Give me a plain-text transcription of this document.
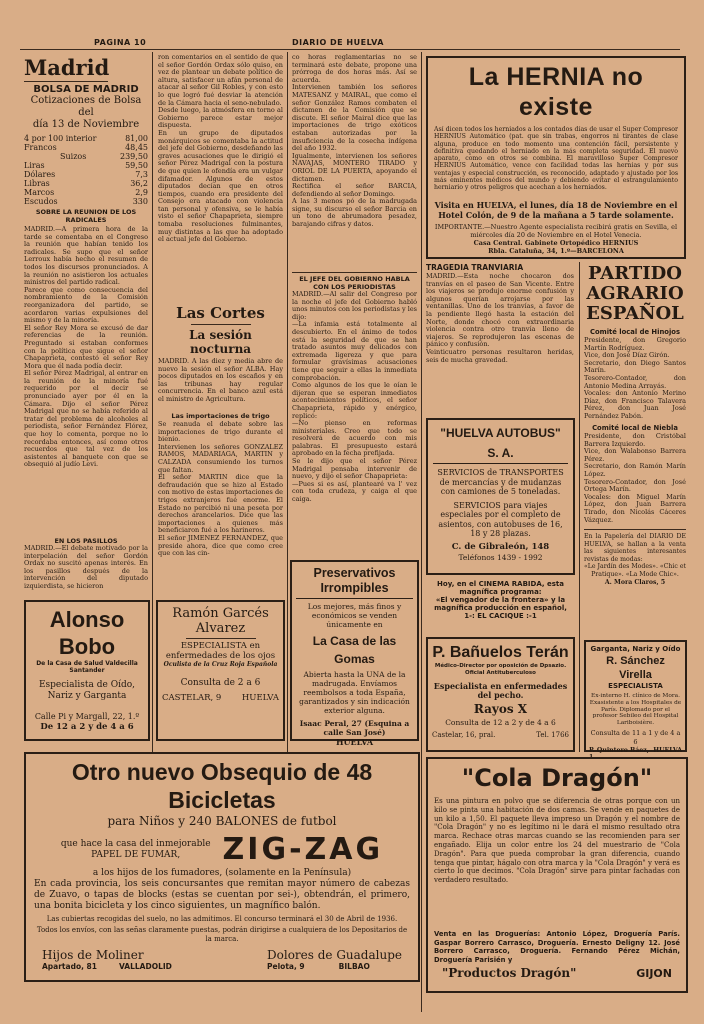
PAGINA 10	DIARIO DE HUELVA
Madrid
BOLSA DE MADRID
Cotizaciones de Bolsa del
día 13 de Noviembre
4 por 100 interior	81,00
Francos	48,45
Suizos	239,50
Liras	59,50
Dólares	7,3
Libras	36,2
Marcos	2,9
Escudos	330
SOBRE LA REUNION DE LOS RADICALES
MADRID.—A primera hora de la tarde se comentaba en el Congreso la reunión que habían tenido los radicales. Se supo que el señor Lerroux había hecho el resumen de todos los discursos pronunciados. A la reunión no asistieron los actuales ministros del partido radical.
Parece que como consecuencia del nombramiento de la Comisión reorganizadora del partido, se acordaron varias expulsiones del mismo y de la minoría.
El señor Rey Mora se excusó de dar referencias de la reunión. Preguntado si estaban conformes con la política que sigue el señor Chapaprieta, contestó el señor Rey Mora que él nada podía decir.
El señor Pérez Madrigal, al entrar en la reunión de la minoría fué requerido por el decir se pronunciado ayer por él en la Cámara. Dijo el señor Pérez Madrigal que no se había referido al tratar del problema de alcoholes al periodista, señor Fernández Flórez, que hoy lo comenta, porque no lo recordaba entonces, así como otros recuerdos que tal vez de los asistentes al banquete con que se obsequió al judío Levi.
EN LOS PASILLOS
MADRID.—El debate motivado por la interpelación del señor Gordón Ordax no suscitó apenas interés. En los pasillos después de la intervención del diputado izquierdista, se hicieron
ron comentarios en el sentido de que el señor Gordón Ordax sólo quiso, en vez de plantear un debate político de altura, satisfacer un afán personal de atacar al señor Gil Robles, y con esto lo que logró fué desviar la atención de la Cámara hacia el seno-nebulado.
Desde luego, la atmósfera en torno al Gobierno parece estar mejor dispuesta.
En un grupo de diputados monárquicos se comentaba la actitud del jefe del Gobierno, desdeñando las graves acusaciones que le dirigió el señor Pérez Madrigal con la postura de que quien le ofendía era un vulgar difamador. Algunos de estos diputados decían que en otros tiempos, cuando era presidente del Consejo era atacado con violencia tan personal y ofensiva, se le había visto el señor Chapaprieta, siempre tomaba resoluciones fulminantes, muy distintas a las que ha adoptado el actual jefe del Gobierno.
Las Cortes
La sesión nocturna
MADRID. A las diez y media abre de nuevo la sesión el señor ALBA. Hay pocos diputados en los escaños y en las tribunas hay regular concurrencia. En el banco azul está el ministro de Agricultura.
Las importaciones de trigo
Se reanuda el debate sobre las importaciones de trigo durante el bienio.
Intervienen los señores GONZALEZ RAMOS, MADARIAGA, MARTIN y CALZADA consumiendo los turnos que faltan.
El señor MARTIN dice que la defraudación que se hizo al Estado con motivo de estas importaciones de trigos extranjeros fué enorme. El Estado no percibió ni una peseta por derechos arancelarios. Dice que las importaciones a quienes más beneficiaron fué a los harineros.
El señor JIMENEZ FERNANDEZ, que preside ahora, dice que como cree que con las cin-
co horas reglamentarias no se terminará este debate, propone una prórroga de dos horas más. Así se acuerda.
Intervienen también los señores MATESANZ y MAIRAL, que como el señor González Ramos combaten el dictamen de la Comisión que se discute. El señor Mairal dice que las importaciones de trigo exóticos estaban autorizadas por la insuficiencia de la cosecha indígena del año 1932.
Igualmente, intervienen los señores NAVAJAS, MONTERO TIRADO y ORIOL DE LA PUERTA, apoyando el dictamen.
Rectifica el señor BARCIA, defendiendo al señor Domingo.
A las 3 menos pó de la madrugada signe, su discurso el señor Barcia en un tono de abrumadora pesadez, barajando cifras y datos.
EL JEFE DEL GOBIERNO HABLA CON LOS PERIODISTAS
MADRID.—Al salir del Congreso por la noche el jefe del Gobierno habló unos minutos con los periodistas y les dijo:
—La infamia está totalmente al descubierto. En el ánimo de todos está la seguridad de que se han tratado asuntos muy delicados con extremada ligereza y que para formular gravísimas acusaciones tiene que seguir a ellas la inmediata comprobación.
Como algunos de los que le oían le dijeran que se esperan inmediatos acontecimientos políticos, el señor Chapaprieta, rápido y enérgico, replicó:
—No pienso en reformas ministeriales. Creo que todo se resolverá de acuerdo con mis palabras. El presupuesto estará aprobado en la fecha prefijada.
Se le dijo que el señor Pérez Madrigal pensaba intervenir de nuevo, y dijo el señor Chapaprieta:
—Pues si es así, plantearé va l' vez con toda crudeza, y caiga el que caiga.
La HERNIA no existe
Así dicen todos los herniados a los contados días de usar el Super Compresor HERNIUS Automático (pat. que sin trabas, engorros ni tirantes de clase alguna, produce en todo momento una contención fácil, persistente y definitiva quedando el herniado en la más completa seguridad. El nuevo aparato, como en otros se combina. El maravilloso Super Compresor HERNIUS Automático, vence con facilidad todas las hernias y por sus ventajas y especial construcción, es reconocido, adaptado y ajustado por los más eminentes médicos del mundo y debiendo evitar el estrangulamiento herniario y otros peligros que acechan a los herniados.
Visita en HUELVA, el lunes, día 18 de Noviembre en el Hotel Colón, de 9 de la mañana a 5 tarde solamente.
IMPORTANTE.—Nuestro Agente especialista recibirá gratis en Sevilla, el miércoles día 20 de Noviembre en el Hotel Venecia.
Casa Central. Gabinete Ortopédico HERNIUS
Rbla. Cataluña, 34, 1.º—BARCELONA
TRAGEDIA TRANVIARIA
MADRID.—Esta noche chocaron dos tranvías en el paseo de San Vicente. Entre los viajeros se produjo enorme confusión y algunos querían arrojarse por las ventanillas. Uno de los tranvías, a favor de la pendiente llegó hasta la estación del Norte, donde chocó con extraordinaria violencia contra otro tranvía lleno de viajeros. Se reprodujeron las escenas de pánico y confusión.
Veinticuatro personas resultaron heridas, seis de mucha gravedad.
"HUELVA AUTOBUS" S. A.
SERVICIOS de TRANSPORTES de mercancías y de mudanzas con camiones de 5 toneladas.
SERVICIOS para viajes especiales por el completo de asientos, con autobuses de 16, 18 y 28 plazas.
C. de Gibraleón, 148
Teléfonos 1439 - 1992
Hoy, en el CINEMA RABIDA, esta magnífica programa:
«El vengador de la frontera» y la magnífica producción en español,
1-: EL CACIQUE :-1
PARTIDO
AGRARIO
ESPAÑOL
Comité local de Hinojos
Presidente, don Gregorio Martín Rodríguez.
Vice, don José Díaz Girón.
Secretario, don Diego Santos Marín.
Tesorero-Contador, don Antonio Medina Arrayás.
Vocales: don Antonio Merino Díaz, don Francisco Talavera Pérez, don Juan José Pernández Pabón.
Comité local de Niebla
Presidente, don Cristóbal Barrera Izquierdo.
Vice, don Walabonso Barrera Pérez.
Secretario, don Ramón Marín López.
Tesorero-Contador, don José Ortega Marín.
Vocales: don Miguel Marín López, don Juan Barrera Tirado, don Nicolás Cáceres Vázquez.
En la Papelería del DIARIO DE HUELVA, se hallan a la venta las siguientes interesantes revistas de modas:
«Le Jardín des Modes». «Chic et Pratique». «La Mode Chic».
A. Mora Claros, 5
Alonso Bobo
De la Casa de Salud Valdecilla Santander
Especialista de Oído, Nariz y Garganta
Calle Pi y Margall, 22, 1.º
De 12 a 2 y de 4 a 6
Ramón Garcés Alvarez
ESPECIALISTA en enfermedades de los ojos
Oculista de la Cruz Roja Española
Consulta de 2 a 6
CASTELAR, 9 HUELVA
Preservativos Irrompibles
Los mejores, más finos y económicos se venden únicamente en
La Casa de las Gomas
Abierta hasta la UNA de la madrugada. Envíamos reembolsos a toda España, garantizados y sin indicación exterior alguna.
Isaac Peral, 27 (Esquina a calle San José)
HUELVA
P. Bañuelos Terán
Médico-Director por oposición de Dpsazio. Oficial Antituberculoso
Especialista en enfermedades del pecho.
Rayos X
Consulta de 12 a 2 y de 4 a 6
Castelar, 16, pral.	Tel. 1766
Garganta, Nariz y Oído
R. Sánchez Virella
ESPECIALISTA
Ex-interno H. clínico de Mora. Exasistente a los Hospitales de París. Diplomado por el profesor Sebileo del Hospital Lariboisière.
Consulta de 11 a 1 y de 4 a 6
P. Quintero Báez, 1
HUELVA
Otro nuevo Obsequio de 48 Bicicletas
para Niños y 240 BALONES de futbol
que hace la casa del inmejorable
PAPEL DE FUMAR,	ZIG-ZAG
a los hijos de los fumadores, (solamente en la Península)
En cada provincia, los seis concursantes que remitan mayor número de cabezas de Zuavo, o tapas de blocks (estas se cuentan por sei-), obtendrán, el primero, una bonita bicicleta y los cinco siguientes, un magnífico balón.
Las cubiertas recogidas del suelo, no las admitimos. El concurso terminará el 30 de Abril de 1936.
Todos los envíos, con las señas claramente puestas, podrán dirigirse a cualquiera de los Depositarios de la marca.
Hijos de Moliner
Apartado, 81	VALLADOLID
Dolores de Guadalupe
Pelota, 9	BILBAO
"Cola Dragón"
Es una pintura en polvo que se diferencia de otras porque con un kilo se pinta una habitación de dos camas. Se vende en paquetes de un kilo a 1,50. El paquete lleva impreso un Dragón y el nombre de "Cola Dragón" y no es legítimo ni le dará el mismo resultado otra marca. Rechace otras marcas cuando se las recomienden para ser engañado. Elija un color entre los 24 del muestrario de "Cola Dragón". Para que pueda comprobar la gran diferencia, cuando tenga que pintar, hágalo con otra marca y la "Cola Dragón" y verá es cierto lo que decimos. "Cola Dragón" sirve para pintar fachadas con verdadero resultado.
Venta en las Droguerías: Antonio López, Droguería París. Gaspar Borrero Carrasco, Droguería. Ernesto Deligny 12. José Borrero Carrasco, Droguería. Fernando Pérez Michán, Droguería Parisién y
"Productos Dragón"	GIJON
